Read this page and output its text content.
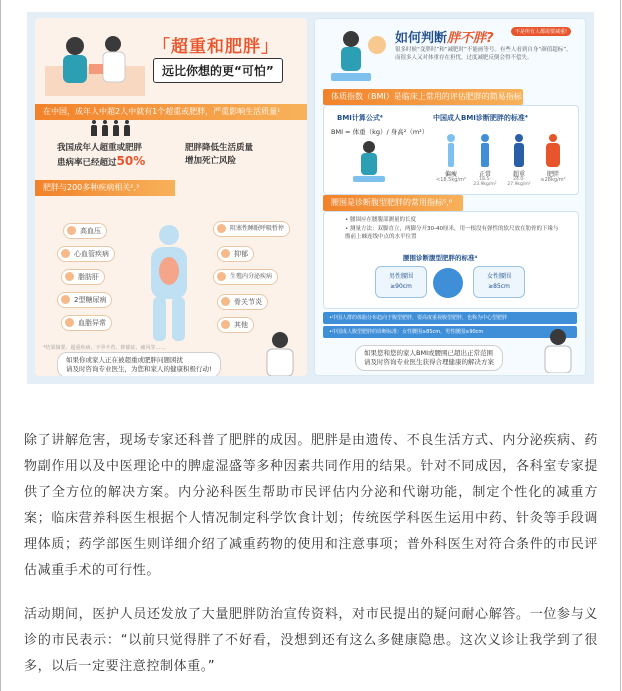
「超重和肥胖」
远比你想的更“可怕”
在中国，成年人中超2人中就有1个超重或肥胖，严重影响生活质量¹
我国成年人超重或肥胖
患病率已经超过50%
肥胖降低生活质量
增加死亡风险
肥胖与200多种疾病相关²,³
高血压
心血管疾病
脂肪肝
2型糖尿病
血脂异常
阻塞性睡眠呼吸暂停
抑郁
生殖内分泌疾病
骨关节炎
其他
*结果摘要、超重疾病、不孕不育、抑郁症、痛风等……
如果你或家人正在被超重或肥胖问题困扰
请及时咨询专业医生，为您和家人的健康积极行动!
如何判断胖不胖?	不是所有人都需要减重!
很多时候“变胖时”和“减肥时”不能画等号。有些人看到自身“颜值超标”，而很多人又对体重存在担忧，过度减肥反倒会得不偿失。
体质指数（BMI）是临床上常用的评估肥胖的简易指标
BMI计算公式⁴
BMI = 体重（kg）/ 身高²（m²）
中国成人BMI诊断肥胖的标准⁴
偏瘦	正常	超重	肥胖
<18.5kg/m²	18.5-23.9kg/m²
24.0-27.9kg/m²
≥28kg/m²
腰围是诊断腹型肥胖的常用指标⁵,⁶
• 腰围应在腰腹部测量的长度
• 测量方法：双脚直立，两脚分开30-40厘米，用一根没有弹性的软尺放在肋骨的下缘与髂前上棘连线中点的水平位置
腰围诊断腹型肥胖的标准⁴
男性腰围
≥90cm
女性腰围
≥85cm
•中国人群的体脂分布趋向于腹型肥胖，要高度重视腹型肥胖，也称为中心型肥胖
•中国成人腹型肥胖的诊断标准：女性腰围≥85cm，男性腰围≥90cm
如果您和您的家人BMI或腰围已超出正常范围
请及时咨询专业医生获得合理健康的解决方案

除了讲解危害，现场专家还科普了肥胖的成因。肥胖是由遗传、不良生活方式、内分泌疾病、药物副作用以及中医理论中的脾虚湿盛等多种因素共同作用的结果。针对不同成因，各科室专家提供了全方位的解决方案。内分泌科医生帮助市民评估内分泌和代谢功能，制定个性化的减重方案；临床营养科医生根据个人情况制定科学饮食计划；传统医学科医生运用中药、针灸等手段调理体质；药学部医生则详细介绍了减重药物的使用和注意事项；普外科医生对符合条件的市民评估减重手术的可行性。

活动期间，医护人员还发放了大量肥胖防治宣传资料，对市民提出的疑问耐心解答。一位参与义诊的市民表示：“以前只觉得胖了不好看，没想到还有这么多健康隐患。这次义诊让我学到了很多，以后一定要注意控制体重。”
